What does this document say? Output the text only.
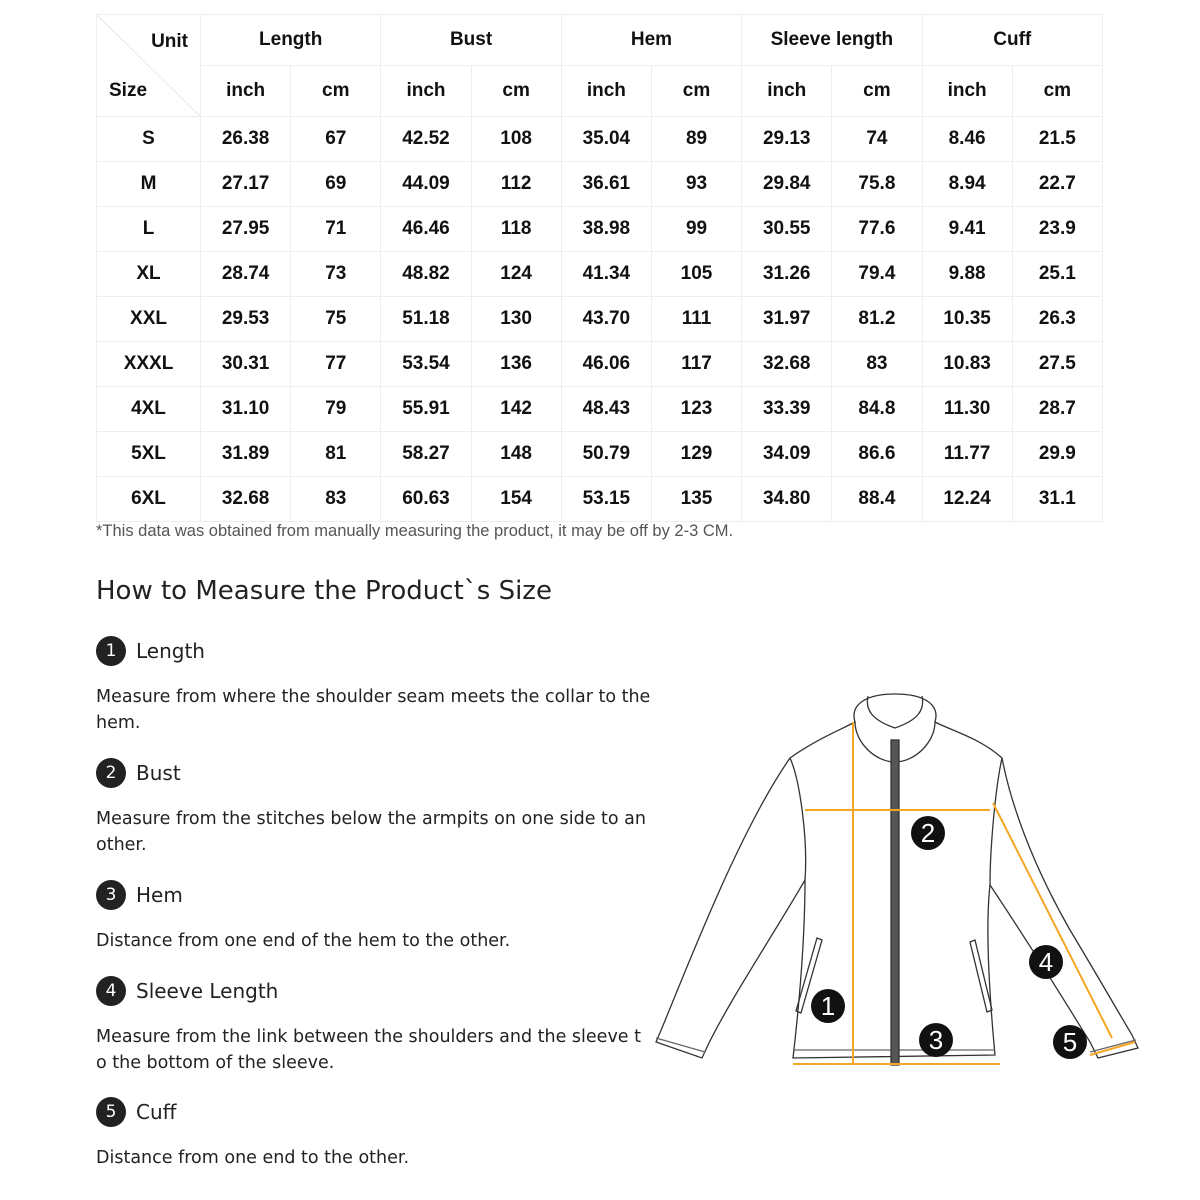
Unit
Size	Length		Bust		Hem		Sleeve length		Cuff	
	inch	cm	inch	cm	inch	cm	inch	cm	inch	cm
S	26.38	67	42.52	108	35.04	89	29.13	74	8.46	21.5
M	27.17	69	44.09	112	36.61	93	29.84	75.8	8.94	22.7
L	27.95	71	46.46	118	38.98	99	30.55	77.6	9.41	23.9
XL	28.74	73	48.82	124	41.34	105	31.26	79.4	9.88	25.1
XXL	29.53	75	51.18	130	43.70	111	31.97	81.2	10.35	26.3
XXXL	30.31	77	53.54	136	46.06	117	32.68	83	10.83	27.5
4XL	31.10	79	55.91	142	48.43	123	33.39	84.8	11.30	28.7
5XL	31.89	81	58.27	148	50.79	129	34.09	86.6	11.77	29.9
6XL	32.68	83	60.63	154	53.15	135	34.80	88.4	12.24	31.1
*This data was obtained from manually measuring the product, it may be off by 2-3 CM.
How to Measure the Product`s Size
1 Length
Measure from where the shoulder seam meets the collar to the hem.
2 Bust
Measure from the stitches below the armpits on one side to an other.
3 Hem
Distance from one end of the hem to the other.
4 Sleeve Length
Measure from the link between the shoulders and the sleeve t o the bottom of the sleeve.
5 Cuff
Distance from one end to the other.
1
2
3
4
5
